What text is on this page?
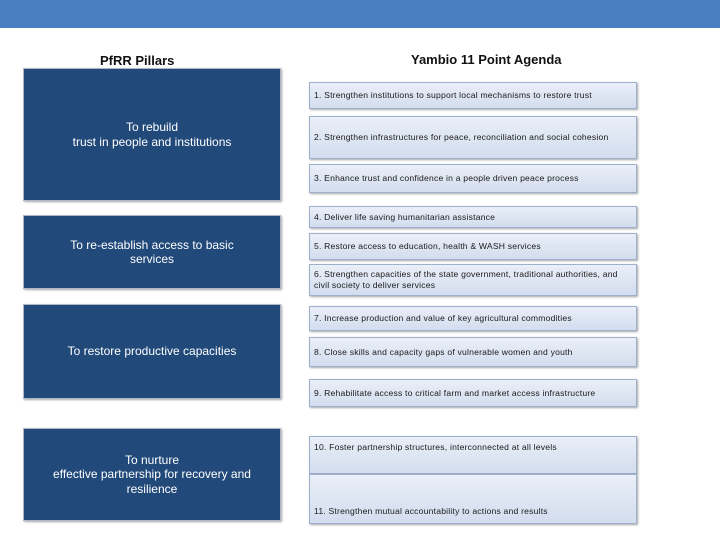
PfRR Pillars	Yambio 11 Point Agenda
To rebuild
trust in people and institutions
To re-establish access to basic
services
To restore productive capacities
To nurture
effective partnership for recovery and
resilience
1. Strengthen institutions to support local mechanisms to restore trust
2. Strengthen infrastructures for peace, reconciliation and social cohesion
3. Enhance trust and confidence in a people driven peace process
4. Deliver life saving humanitarian assistance
5. Restore access to education, health & WASH services
6. Strengthen capacities of the state government, traditional authorities, and civil society to deliver services
7. Increase production and value of key agricultural commodities
8. Close skills and capacity gaps of vulnerable women and youth
9. Rehabilitate access to critical farm and market access infrastructure
10. Foster partnership structures, interconnected at all levels
11. Strengthen mutual accountability to actions and results
